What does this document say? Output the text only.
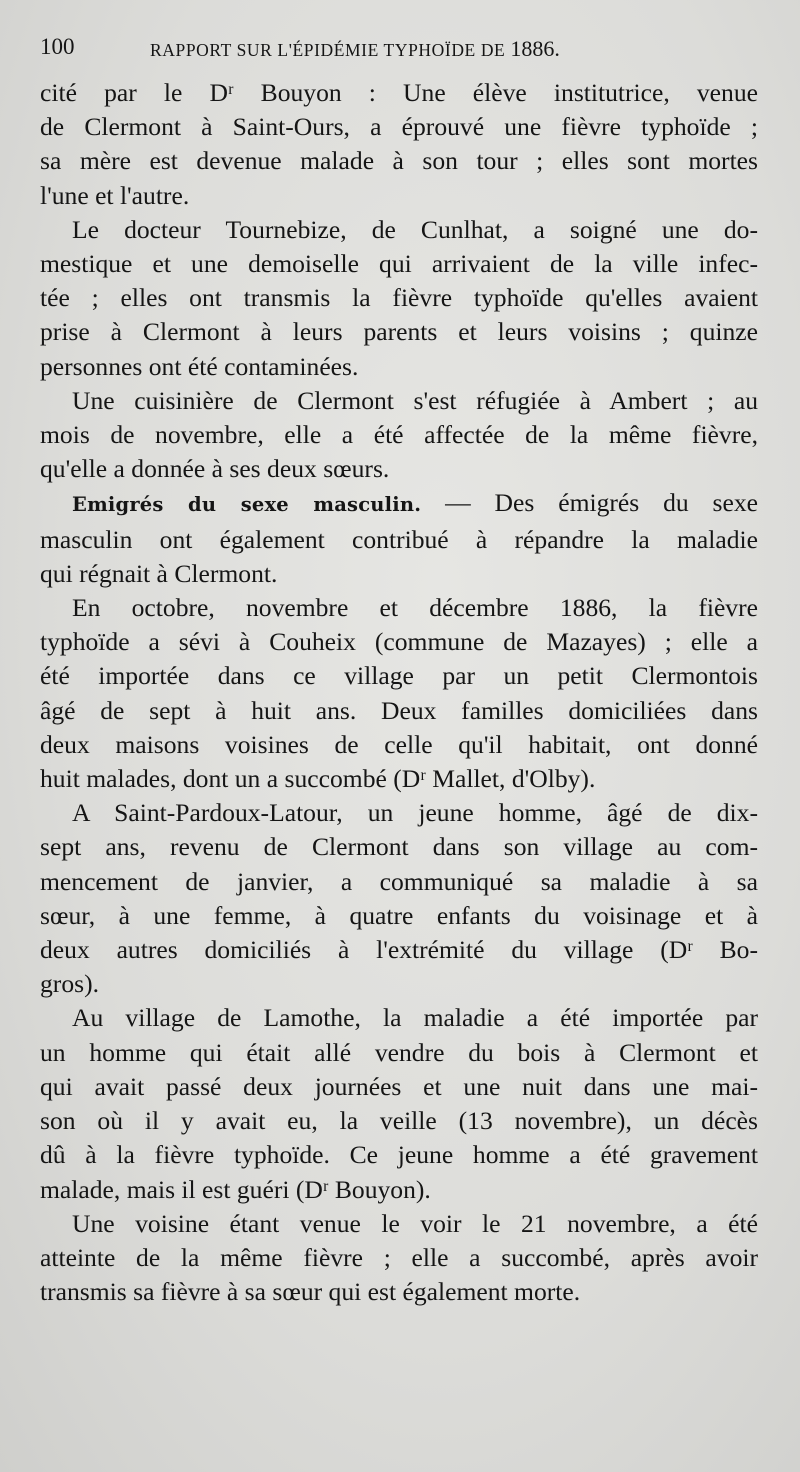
100	RAPPORT SUR L'ÉPIDÉMIE TYPHOÏDE DE 1886.
cité par le Dʳ Bouyon : Une élève institutrice, venue
de Clermont à Saint-Ours, a éprouvé une fièvre typhoïde ;
sa mère est devenue malade à son tour ; elles sont mortes
l'une et l'autre.
Le docteur Tournebize, de Cunlhat, a soigné une do-
mestique et une demoiselle qui arrivaient de la ville infec-
tée ; elles ont transmis la fièvre typhoïde qu'elles avaient
prise à Clermont à leurs parents et leurs voisins ; quinze
personnes ont été contaminées.
Une cuisinière de Clermont s'est réfugiée à Ambert ; au
mois de novembre, elle a été affectée de la même fièvre,
qu'elle a donnée à ses deux sœurs.
Emigrés du sexe masculin. — Des émigrés du sexe
masculin ont également contribué à répandre la maladie
qui régnait à Clermont.
En octobre, novembre et décembre 1886, la fièvre
typhoïde a sévi à Couheix (commune de Mazayes) ; elle a
été importée dans ce village par un petit Clermontois
âgé de sept à huit ans. Deux familles domiciliées dans
deux maisons voisines de celle qu'il habitait, ont donné
huit malades, dont un a succombé (Dʳ Mallet, d'Olby).
A Saint-Pardoux-Latour, un jeune homme, âgé de dix-
sept ans, revenu de Clermont dans son village au com-
mencement de janvier, a communiqué sa maladie à sa
sœur, à une femme, à quatre enfants du voisinage et à
deux autres domiciliés à l'extrémité du village (Dʳ Bo-
gros).
Au village de Lamothe, la maladie a été importée par
un homme qui était allé vendre du bois à Clermont et
qui avait passé deux journées et une nuit dans une mai-
son où il y avait eu, la veille (13 novembre), un décès
dû à la fièvre typhoïde. Ce jeune homme a été gravement
malade, mais il est guéri (Dʳ Bouyon).
Une voisine étant venue le voir le 21 novembre, a été
atteinte de la même fièvre ; elle a succombé, après avoir
transmis sa fièvre à sa sœur qui est également morte.
